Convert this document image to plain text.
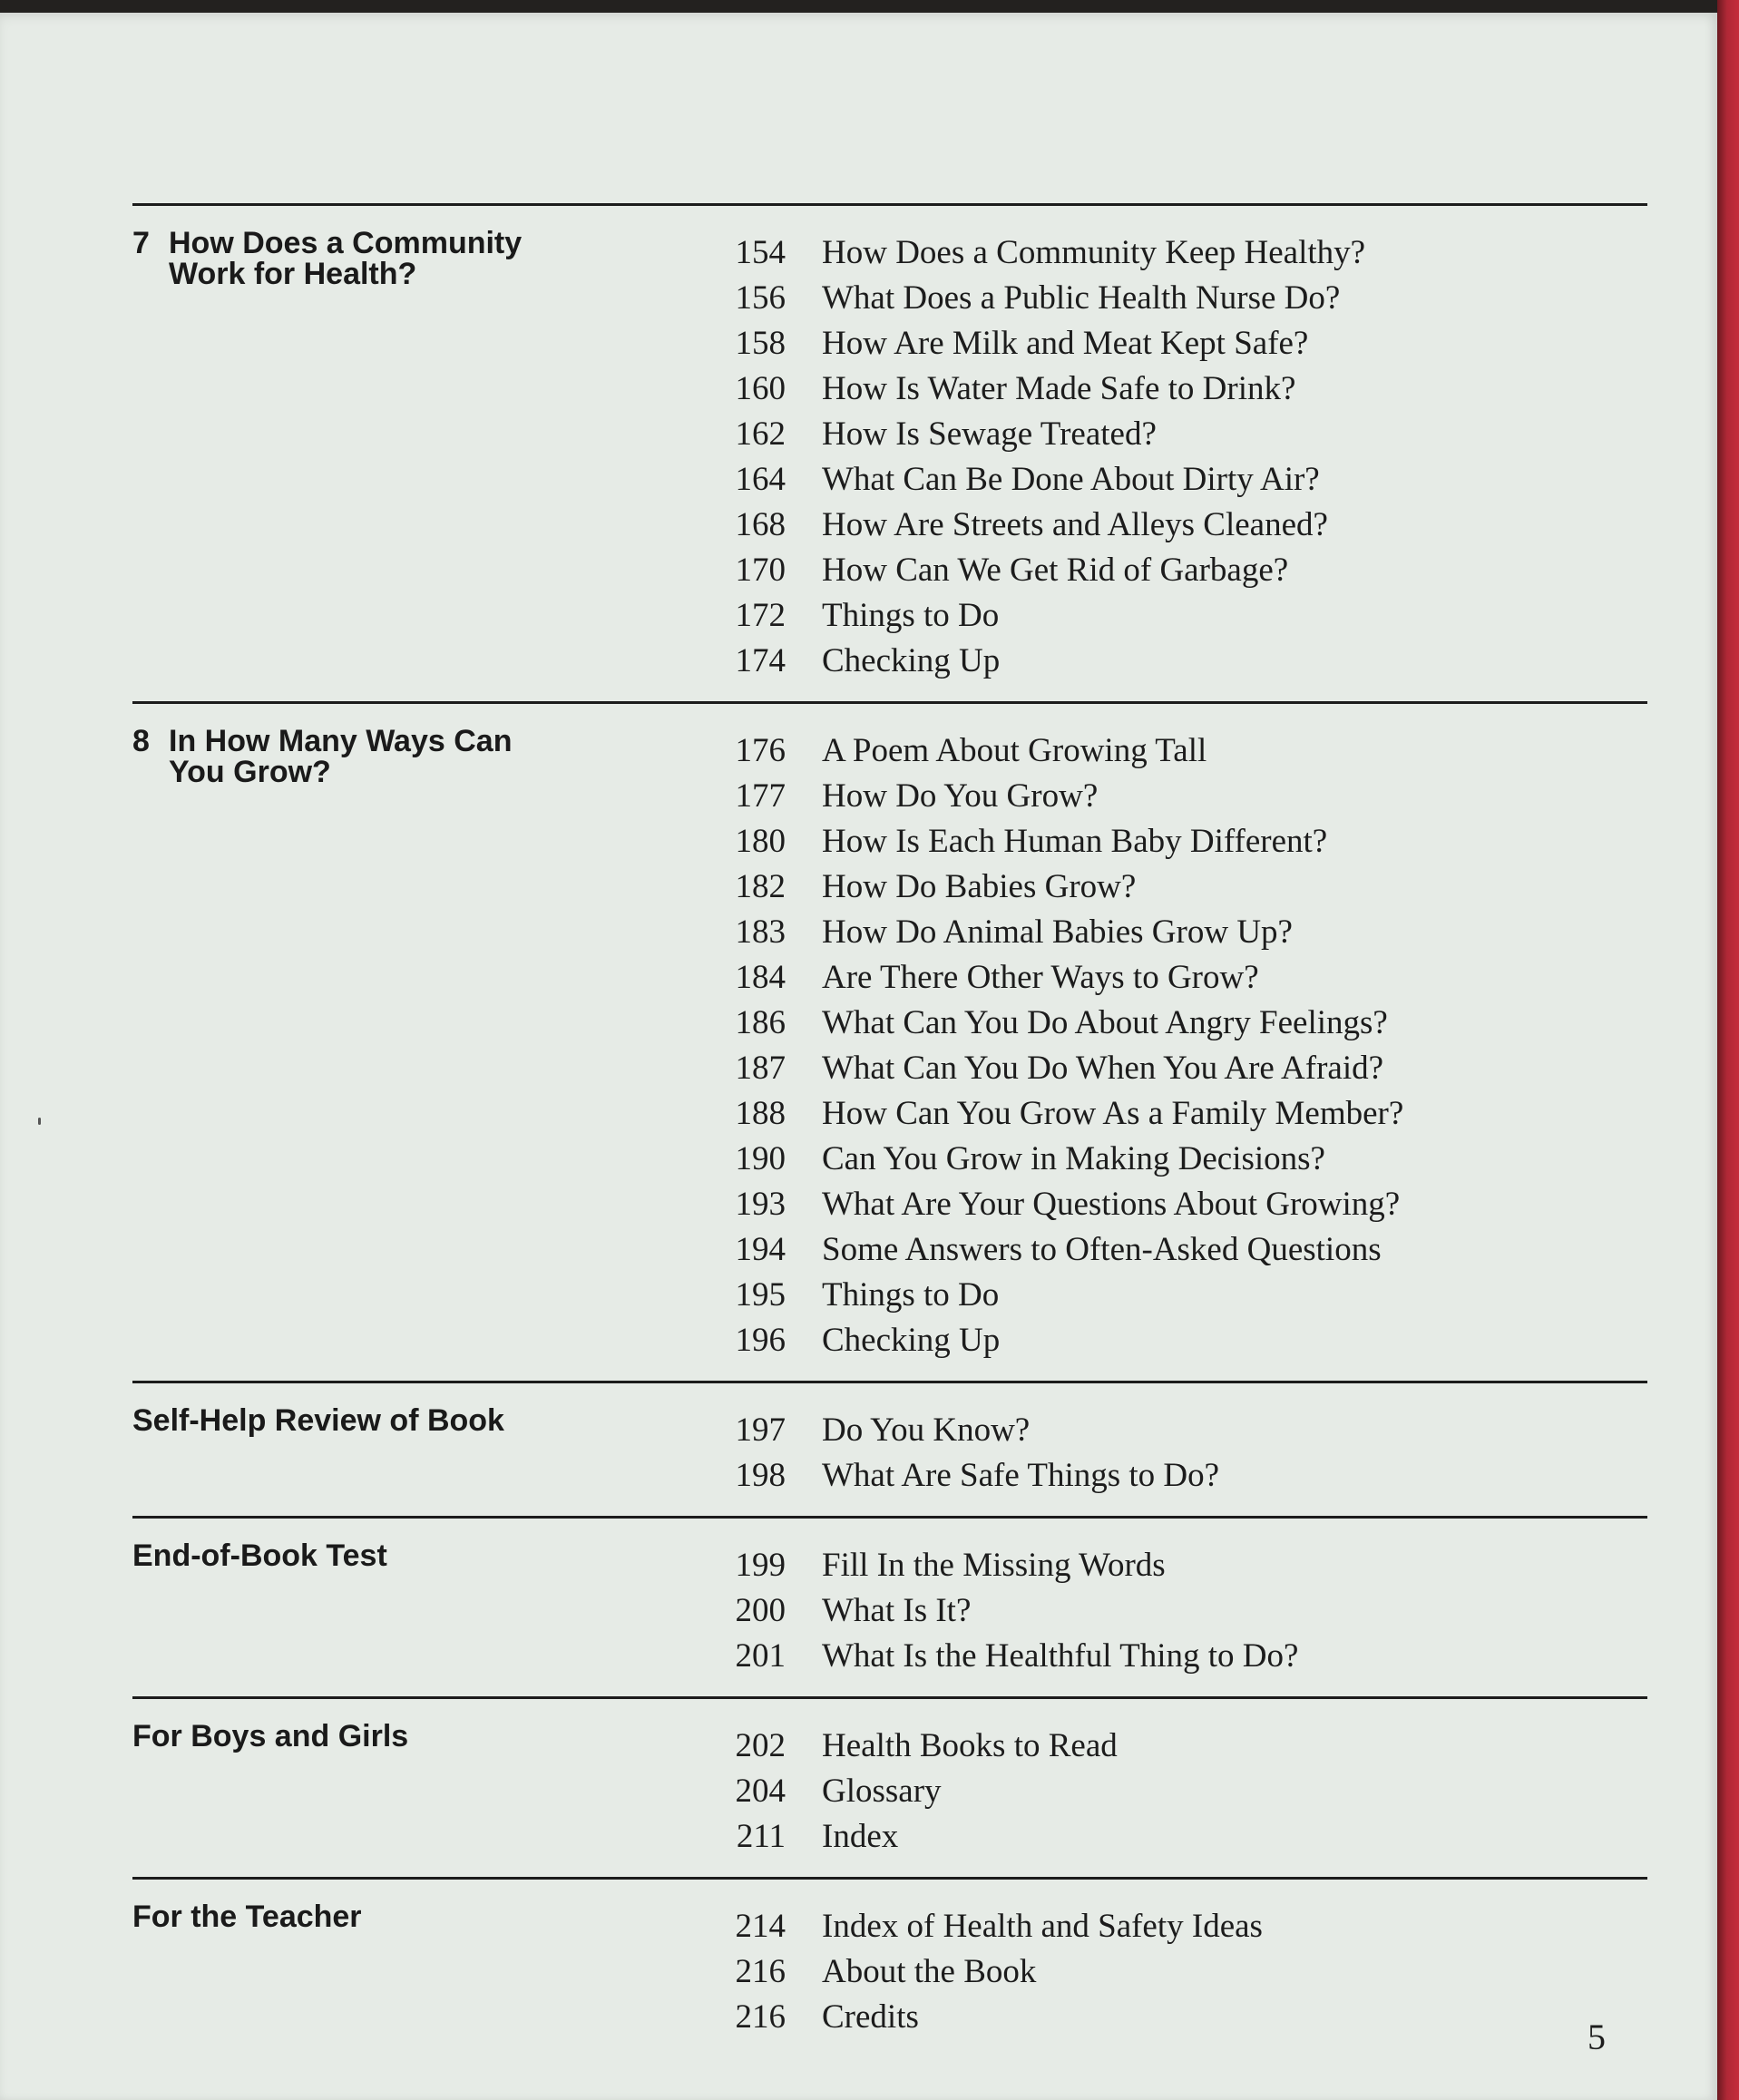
7 How Does a Community Work for Health?
154	How Does a Community Keep Healthy?
156	What Does a Public Health Nurse Do?
158	How Are Milk and Meat Kept Safe?
160	How Is Water Made Safe to Drink?
162	How Is Sewage Treated?
164	What Can Be Done About Dirty Air?
168	How Are Streets and Alleys Cleaned?
170	How Can We Get Rid of Garbage?
172	Things to Do
174	Checking Up
8 In How Many Ways Can You Grow?
176	A Poem About Growing Tall
177	How Do You Grow?
180	How Is Each Human Baby Different?
182	How Do Babies Grow?
183	How Do Animal Babies Grow Up?
184	Are There Other Ways to Grow?
186	What Can You Do About Angry Feelings?
187	What Can You Do When You Are Afraid?
188	How Can You Grow As a Family Member?
190	Can You Grow in Making Decisions?
193	What Are Your Questions About Growing?
194	Some Answers to Often-Asked Questions
195	Things to Do
196	Checking Up
Self-Help Review of Book	197	Do You Know?
198	What Are Safe Things to Do?
End-of-Book Test	199	Fill In the Missing Words
200	What Is It?
201	What Is the Healthful Thing to Do?
For Boys and Girls	202	Health Books to Read
204	Glossary
211	Index
For the Teacher	214	Index of Health and Safety Ideas
216	About the Book
216	Credits	5
